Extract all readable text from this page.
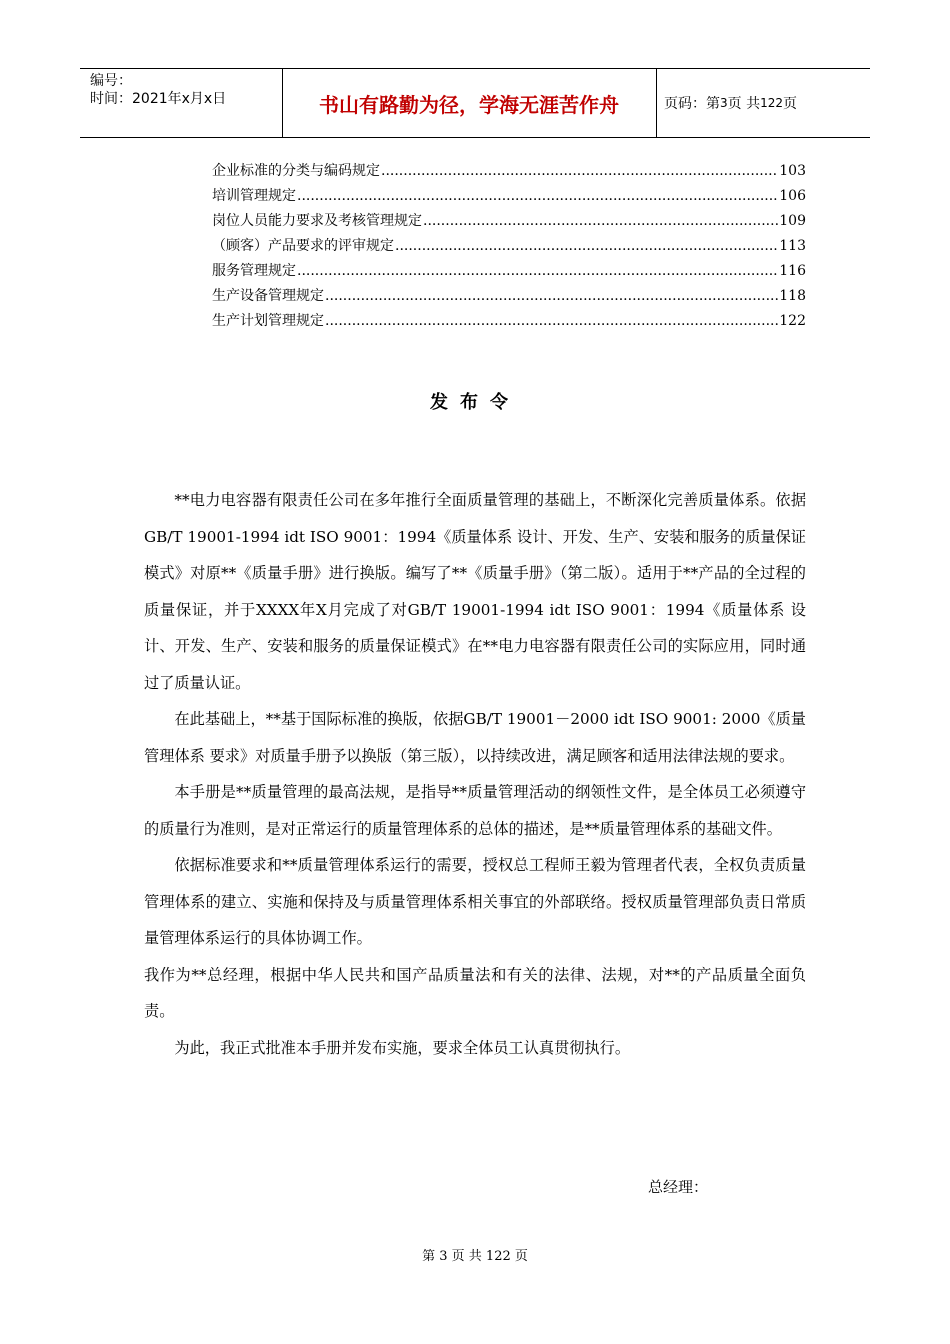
编号：
时间：2021年x月x日	书山有路勤为径，学海无涯苦作舟	页码：第 3 页 共 122 页
企业标准的分类与编码规定 .....	103
培训管理规定 .....	106
岗位人员能力要求及考核管理规定 .....	109
（顾客）产品要求的评审规定 .....	113
服务管理规定 .....	116
生产设备管理规定 .....	118
生产计划管理规定 .....	122
发布令

**电力电容器有限责任公司在多年推行全面质量管理的基础上，不断深化完善质量体系。依据GB/T 19001-1994 idt ISO 9001：1994《质量体系 设计、开发、生产、安装和服务的质量保证模式》对原**《质量手册》进行换版。编写了**《质量手册》（第二版）。适用于**产品的全过程的质量保证，并于XXXX年X月完成了对GB/T 19001-1994 idt ISO 9001：1994《质量体系 设计、开发、生产、安装和服务的质量保证模式》在**电力电容器有限责任公司的实际应用，同时通过了质量认证。

在此基础上，**基于国际标准的换版，依据GB/T 19001－2000 idt ISO 9001: 2000《质量管理体系 要求》对质量手册予以换版（第三版），以持续改进，满足顾客和适用法律法规的要求。

本手册是**质量管理的最高法规，是指导**质量管理活动的纲领性文件，是全体员工必须遵守的质量行为准则，是对正常运行的质量管理体系的总体的描述，是**质量管理体系的基础文件。

依据标准要求和**质量管理体系运行的需要，授权总工程师王毅为管理者代表，全权负责质量管理体系的建立、实施和保持及与质量管理体系相关事宜的外部联络。授权质量管理部负责日常质量管理体系运行的具体协调工作。

我作为**总经理，根据中华人民共和国产品质量法和有关的法律、法规，对**的产品质量全面负责。

为此，我正式批准本手册并发布实施，要求全体员工认真贯彻执行。

总经理：
第 3 页 共 122 页
